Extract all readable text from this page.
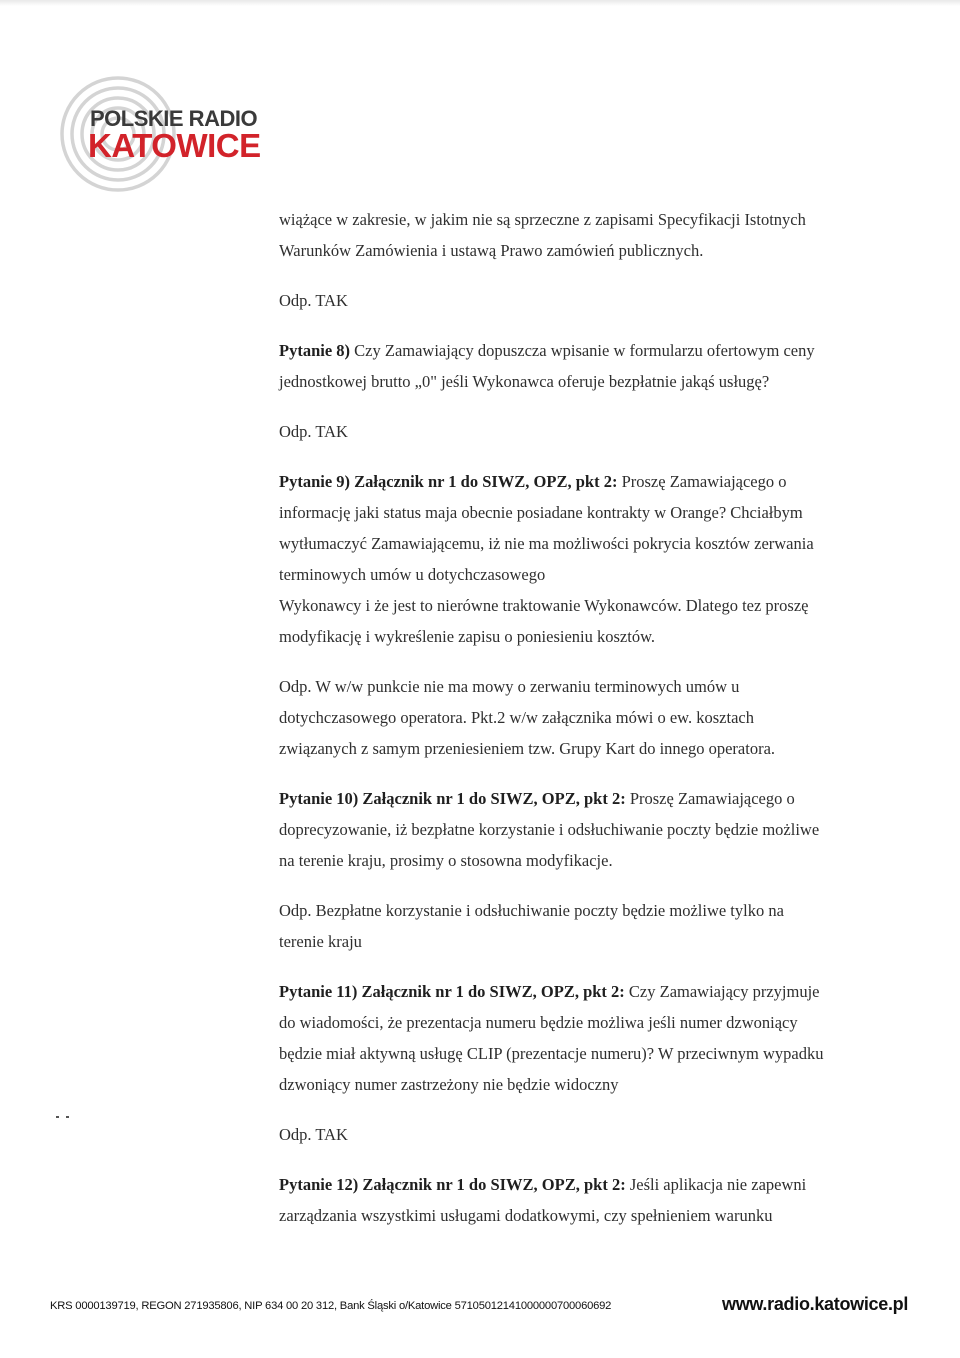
POLSKIE RADIO
KATOWICE

wiążące w zakresie, w jakim nie są sprzeczne z zapisami Specyfikacji Istotnych
Warunków Zamówienia i ustawą Prawo zamówień publicznych.

Odp. TAK

Pytanie 8) Czy Zamawiający dopuszcza wpisanie w formularzu ofertowym ceny
jednostkowej brutto „0" jeśli Wykonawca oferuje bezpłatnie jakąś usługę?

Odp. TAK

Pytanie 9) Załącznik nr 1 do SIWZ, OPZ, pkt 2: Proszę Zamawiającego o
informację jaki status maja obecnie posiadane kontrakty w Orange? Chciałbym
wytłumaczyć Zamawiającemu, iż nie ma możliwości pokrycia kosztów zerwania
terminowych umów u dotychczasowego
Wykonawcy i że jest to nierówne traktowanie Wykonawców. Dlatego tez proszę
modyfikację i wykreślenie zapisu o poniesieniu kosztów.

Odp. W w/w punkcie nie ma mowy o zerwaniu terminowych umów u
dotychczasowego operatora. Pkt.2 w/w załącznika mówi o ew. kosztach
związanych z samym przeniesieniem tzw. Grupy Kart do innego operatora.

Pytanie 10) Załącznik nr 1 do SIWZ, OPZ, pkt 2: Proszę Zamawiającego o
doprecyzowanie, iż bezpłatne korzystanie i odsłuchiwanie poczty będzie możliwe
na terenie kraju, prosimy o stosowna modyfikacje.

Odp. Bezpłatne korzystanie i odsłuchiwanie poczty będzie możliwe tylko na
terenie kraju

Pytanie 11) Załącznik nr 1 do SIWZ, OPZ, pkt 2: Czy Zamawiający przyjmuje
do wiadomości, że prezentacja numeru będzie możliwa jeśli numer dzwoniący
będzie miał aktywną usługę CLIP (prezentacje numeru)? W przeciwnym wypadku
dzwoniący numer zastrzeżony nie będzie widoczny

Odp. TAK

Pytanie 12) Załącznik nr 1 do SIWZ, OPZ, pkt 2: Jeśli aplikacja nie zapewni
zarządzania wszystkimi usługami dodatkowymi, czy spełnieniem warunku

KRS 0000139719, REGON 271935806, NIP 634 00 20 312, Bank Śląski o/Katowice 57105012141000000700060692	www.radio.katowice.pl
